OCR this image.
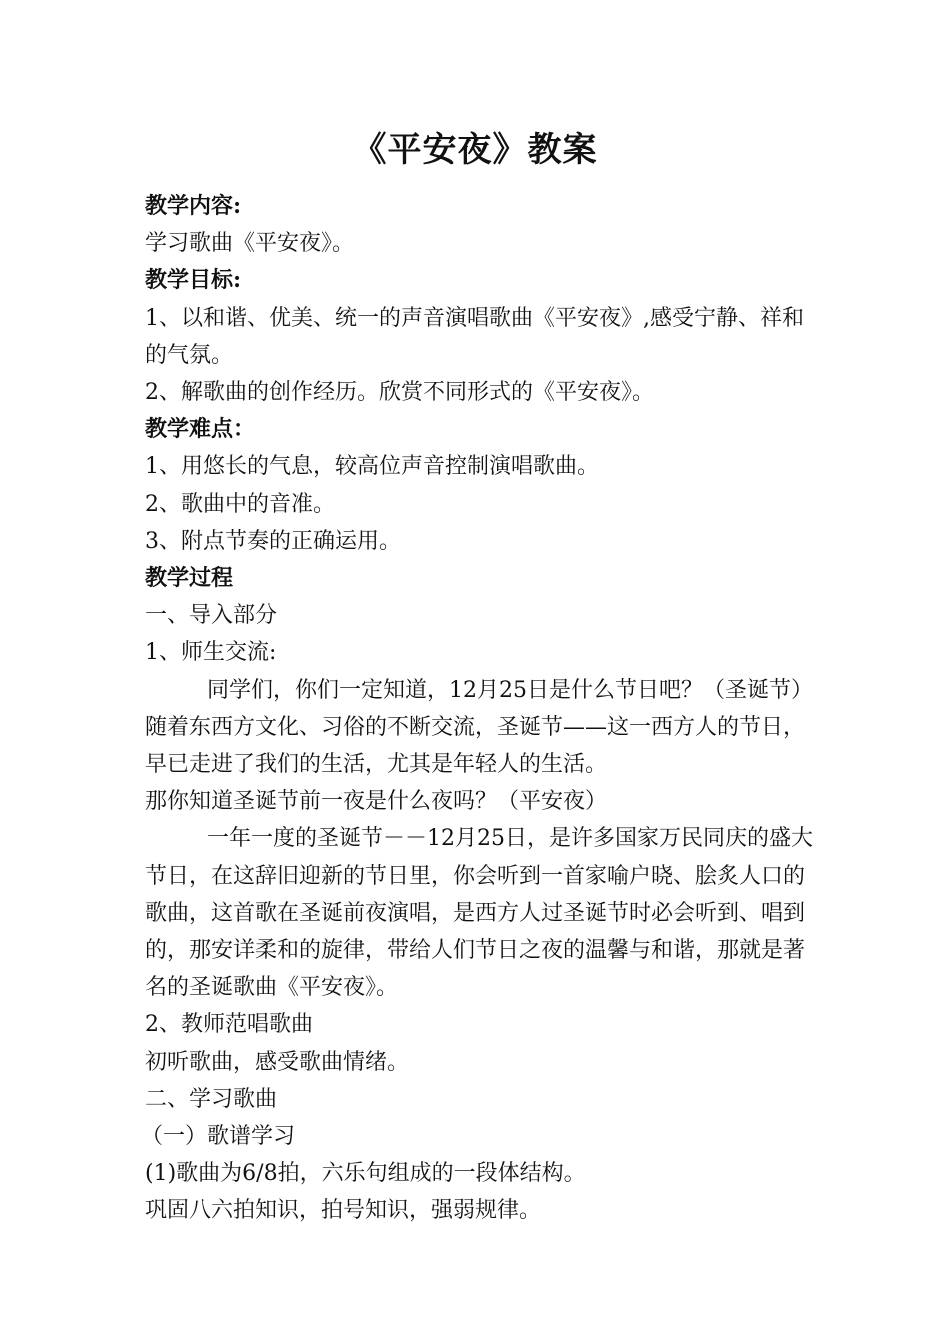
《平安夜》教案

教学内容:

学习歌曲《平安夜》。

教学目标:

1、以和谐、优美、统一的声音演唱歌曲《平安夜》,感受宁静、祥和的气氛。

2、解歌曲的创作经历。欣赏不同形式的《平安夜》。

教学难点：

1、用悠长的气息，较高位声音控制演唱歌曲。

2、歌曲中的音准。

3、附点节奏的正确运用。

教学过程

一、导入部分

1、师生交流:

同学们，你们一定知道，12月25日是什么节日吧？（圣诞节）随着东西方文化、习俗的不断交流，圣诞节——这一西方人的节日，早已走进了我们的生活，尤其是年轻人的生活。

那你知道圣诞节前一夜是什么夜吗？（平安夜）

一年一度的圣诞节－－12月25日，是许多国家万民同庆的盛大节日，在这辞旧迎新的节日里，你会听到一首家喻户晓、脍炙人口的歌曲，这首歌在圣诞前夜演唱，是西方人过圣诞节时必会听到、唱到的，那安详柔和的旋律，带给人们节日之夜的温馨与和谐，那就是著名的圣诞歌曲《平安夜》。

2、教师范唱歌曲

初听歌曲，感受歌曲情绪。

二、学习歌曲

（一）歌谱学习

(1)歌曲为6/8拍，六乐句组成的一段体结构。

巩固八六拍知识，拍号知识，强弱规律。
